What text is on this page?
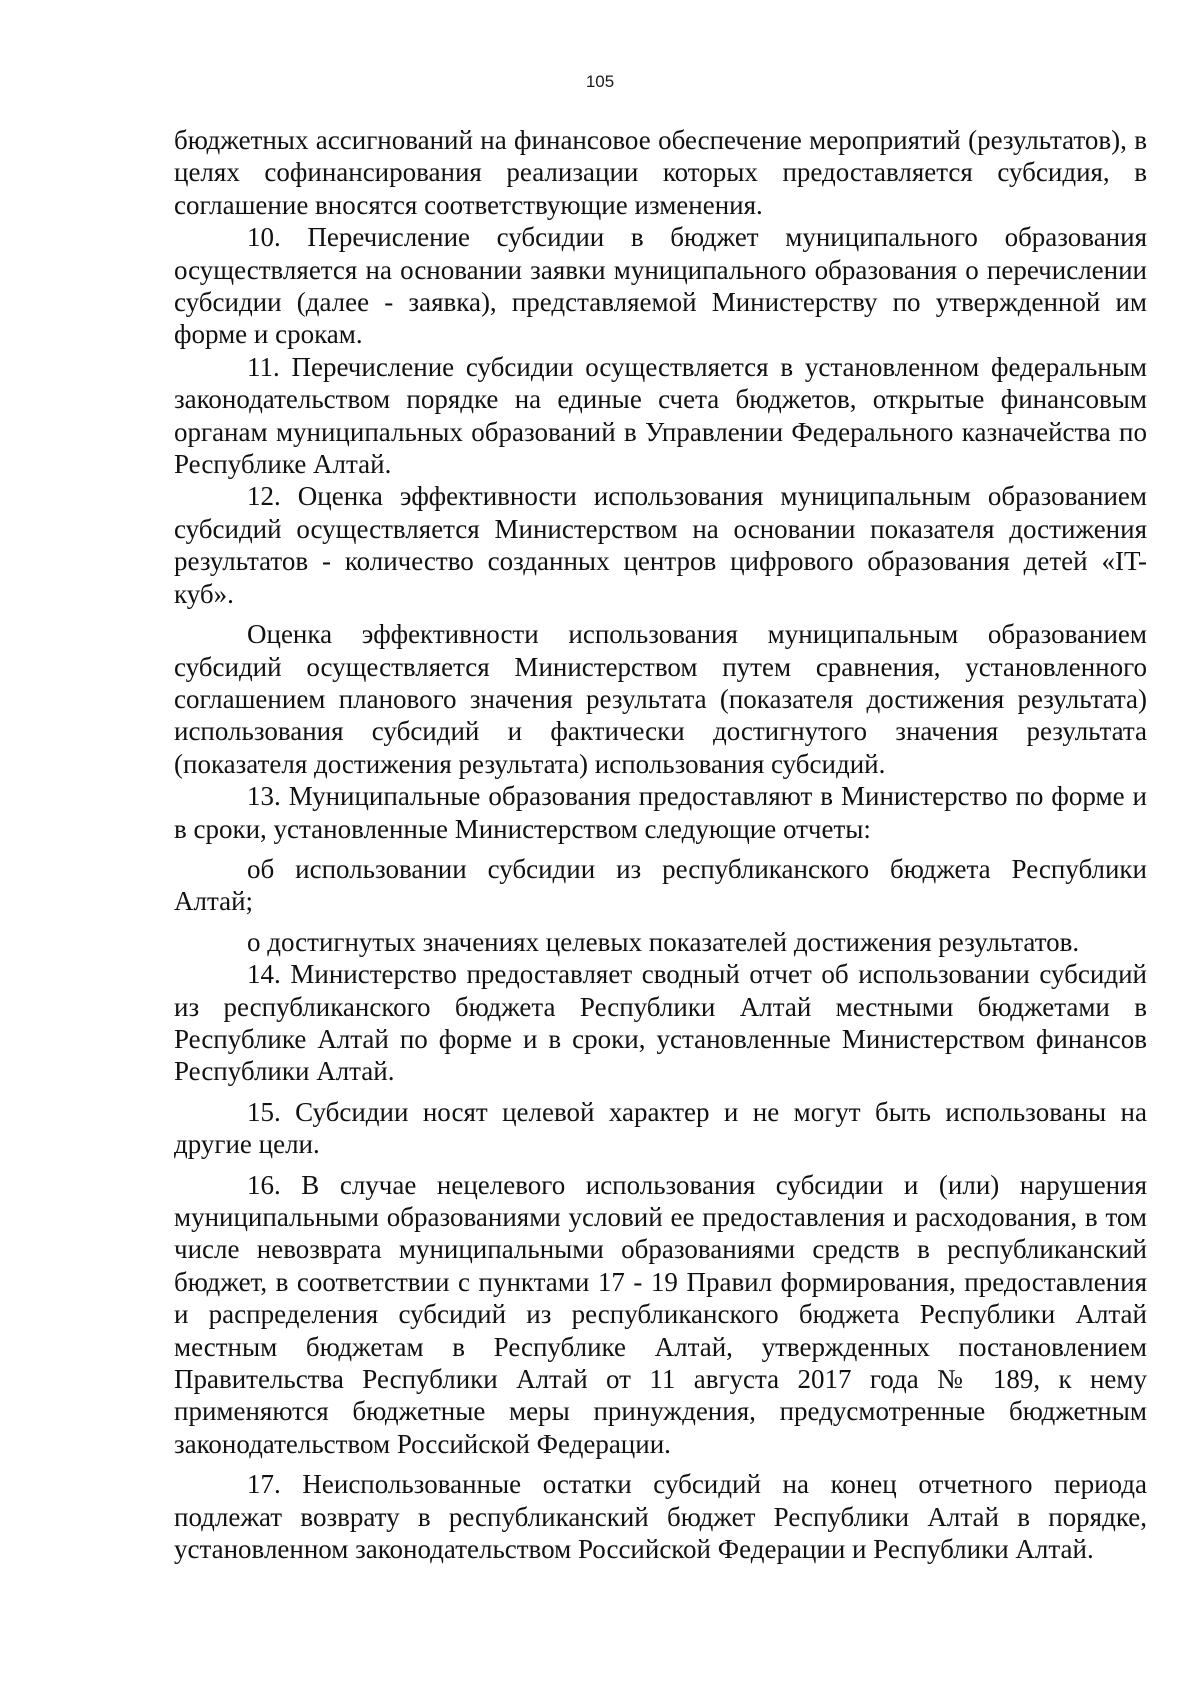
105

бюджетных ассигнований на финансовое обеспечение мероприятий (результатов), в целях софинансирования реализации которых предоставляется субсидия, в соглашение вносятся соответствующие изменения.

10. Перечисление субсидии в бюджет муниципального образования осуществляется на основании заявки муниципального образования о перечислении субсидии (далее - заявка), представляемой Министерству по утвержденной им форме и срокам.

11. Перечисление субсидии осуществляется в установленном федеральным законодательством порядке на единые счета бюджетов, открытые финансовым органам муниципальных образований в Управлении Федерального казначейства по Республике Алтай.

12. Оценка эффективности использования муниципальным образованием субсидий осуществляется Министерством на основании показателя достижения результатов - количество созданных центров цифрового образования детей «IT-куб».

Оценка эффективности использования муниципальным образованием субсидий осуществляется Министерством путем сравнения, установленного соглашением планового значения результата (показателя достижения результата) использования субсидий и фактически достигнутого значения результата (показателя достижения результата) использования субсидий.

13. Муниципальные образования предоставляют в Министерство по форме и в сроки, установленные Министерством следующие отчеты:

об использовании субсидии из республиканского бюджета Республики Алтай;

о достигнутых значениях целевых показателей достижения результатов.

14. Министерство предоставляет сводный отчет об использовании субсидий из республиканского бюджета Республики Алтай местными бюджетами в Республике Алтай по форме и в сроки, установленные Министерством финансов Республики Алтай.

15. Субсидии носят целевой характер и не могут быть использованы на другие цели.

16. В случае нецелевого использования субсидии и (или) нарушения муниципальными образованиями условий ее предоставления и расходования, в том числе невозврата муниципальными образованиями средств в республиканский бюджет, в соответствии с пунктами 17 - 19 Правил формирования, предоставления и распределения субсидий из республиканского бюджета Республики Алтай местным бюджетам в Республике Алтай, утвержденных постановлением Правительства Республики Алтай от 11 августа 2017 года № 189, к нему применяются бюджетные меры принуждения, предусмотренные бюджетным законодательством Российской Федерации.

17. Неиспользованные остатки субсидий на конец отчетного периода подлежат возврату в республиканский бюджет Республики Алтай в порядке, установленном законодательством Российской Федерации и Республики Алтай.
